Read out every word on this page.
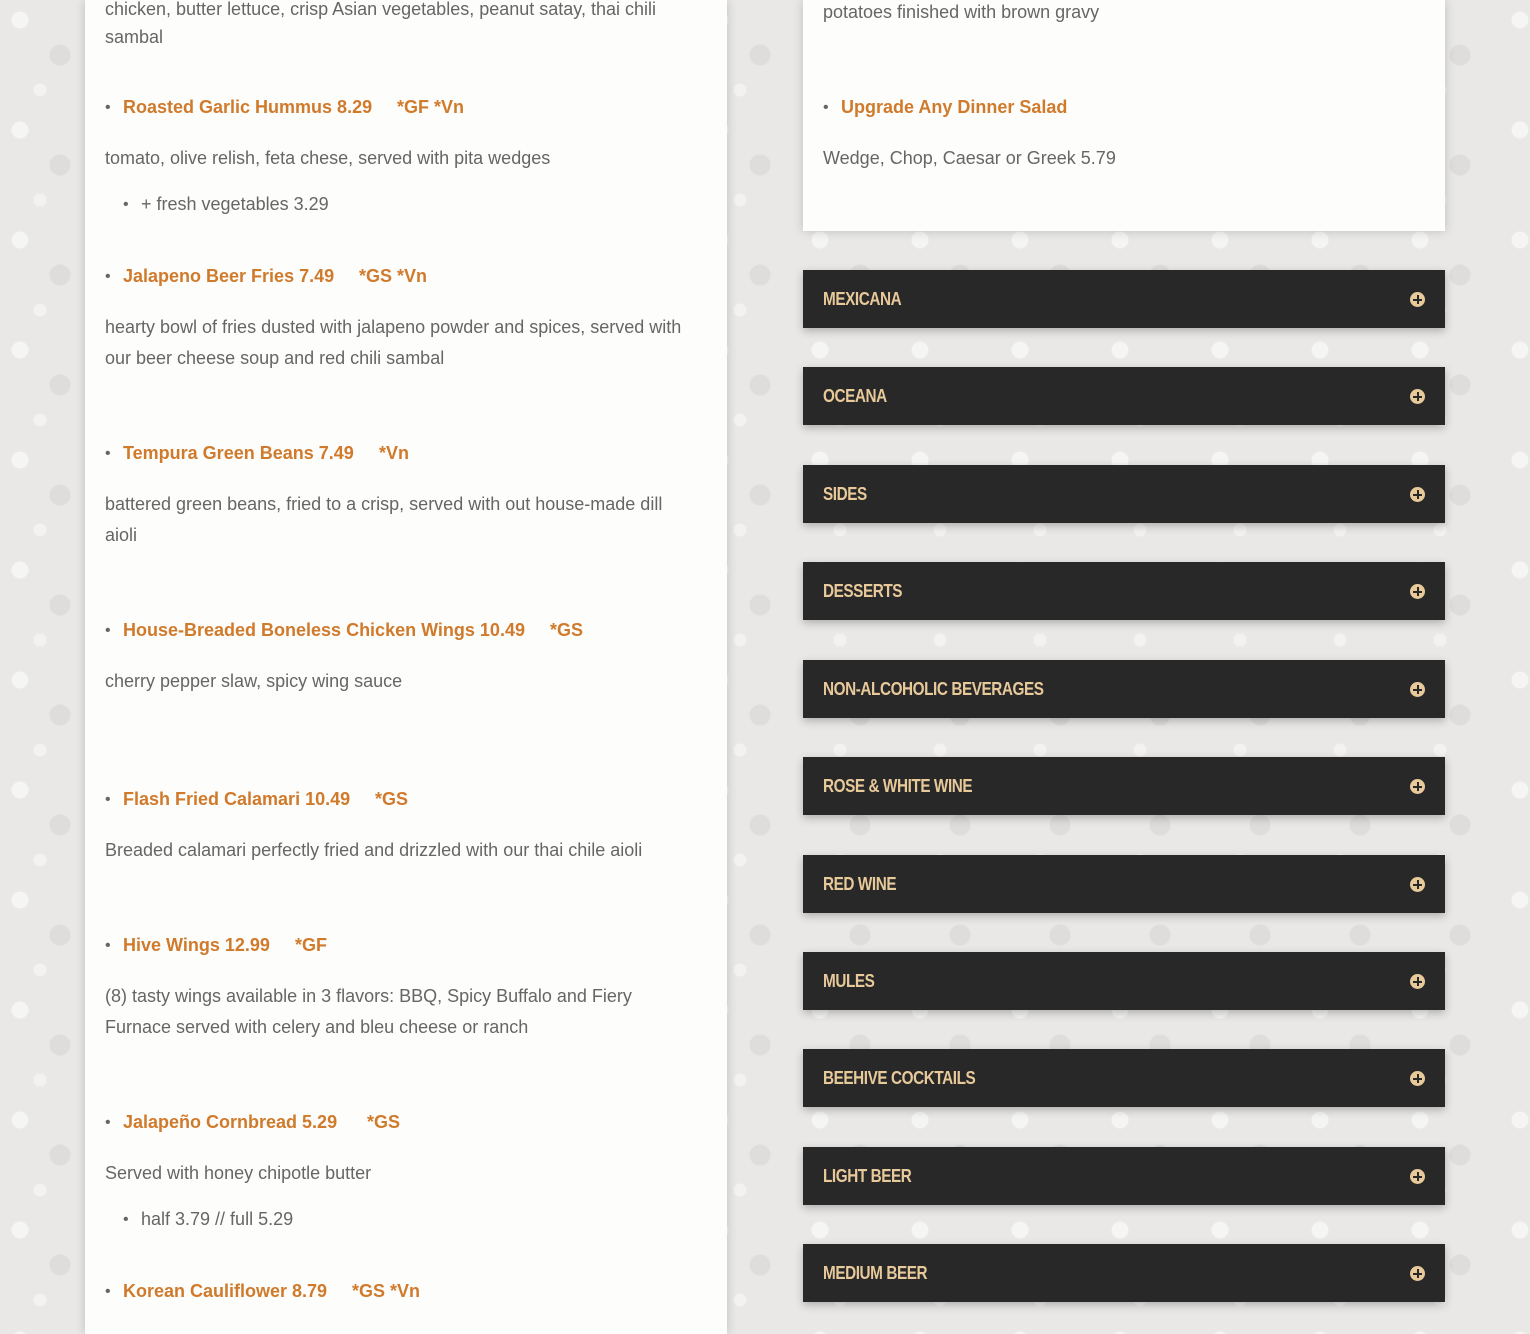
chicken, butter lettuce, crisp Asian vegetables, peanut satay, thai chili
sambal
• Roasted Garlic Hummus 8.29 *GF *Vn
tomato, olive relish, feta chese, served with pita wedges
• + fresh vegetables 3.29
• Jalapeno Beer Fries 7.49 *GS *Vn
hearty bowl of fries dusted with jalapeno powder and spices, served with
our beer cheese soup and red chili sambal
• Tempura Green Beans 7.49 *Vn
battered green beans, fried to a crisp, served with out house-made dill
aioli
• House-Breaded Boneless Chicken Wings 10.49 *GS
cherry pepper slaw, spicy wing sauce
• Flash Fried Calamari 10.49 *GS
Breaded calamari perfectly fried and drizzled with our thai chile aioli
• Hive Wings 12.99 *GF
(8) tasty wings available in 3 flavors: BBQ, Spicy Buffalo and Fiery
Furnace served with celery and bleu cheese or ranch
• Jalapeño Cornbread 5.29 *GS
Served with honey chipotle butter
• half 3.79 // full 5.29
• Korean Cauliflower 8.79 *GS *Vn
potatoes finished with brown gravy
• Upgrade Any Dinner Salad
Wedge, Chop, Caesar or Greek 5.79
MEXICANA
OCEANA
SIDES
DESSERTS
NON-ALCOHOLIC BEVERAGES
ROSE & WHITE WINE
RED WINE
MULES
BEEHIVE COCKTAILS
LIGHT BEER
MEDIUM BEER
